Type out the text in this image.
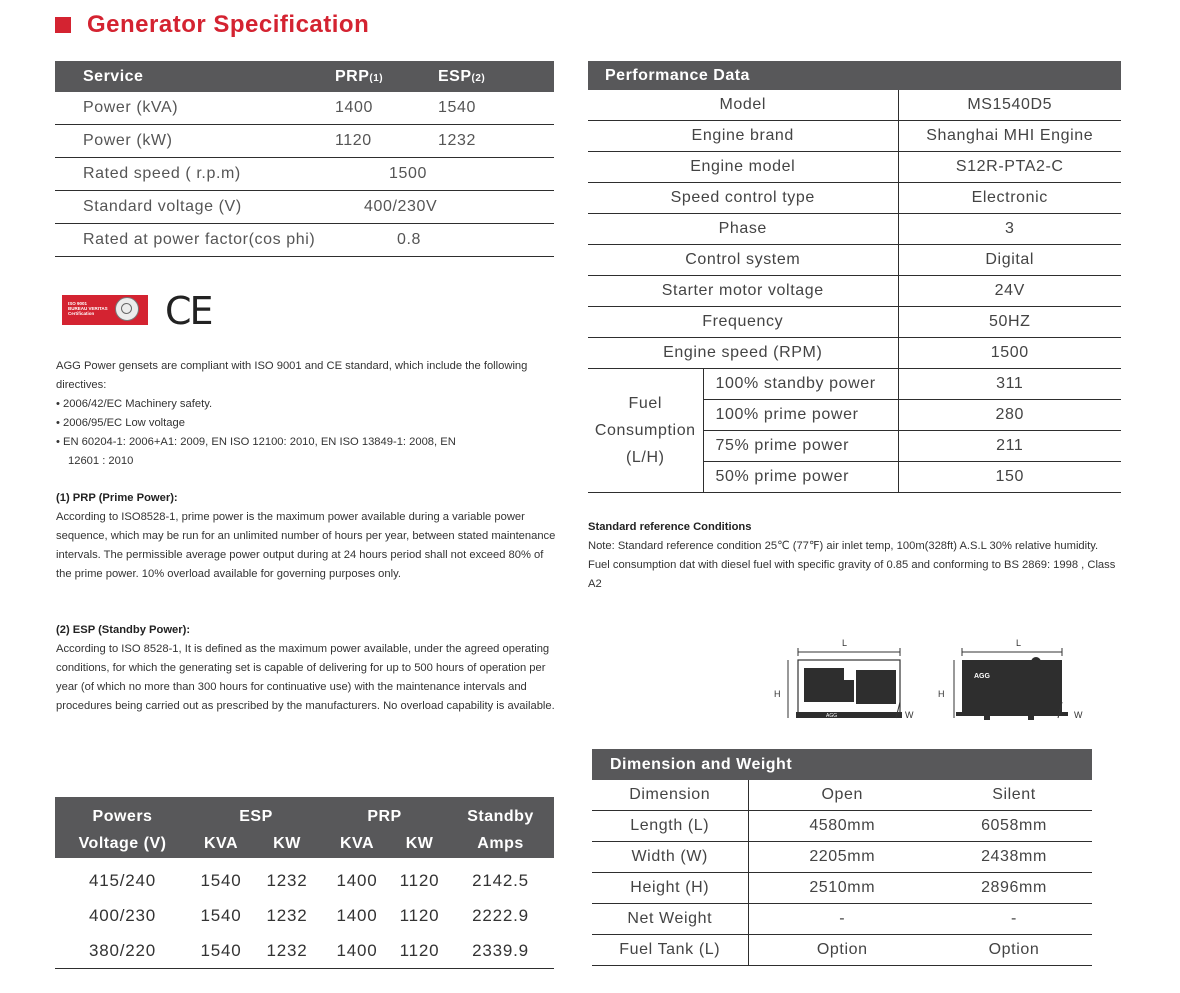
Generator Specification
Service	PRP(1)	ESP(2)
Power (kVA)	1400	1540
Power (kW)	1120	1232
Rated speed ( r.p.m)	1500	
Standard voltage (V)	400/230V	
Rated at power factor(cos phi)	0.8	
ISO 9001
BUREAU VERITAS
Certification	CE

AGG Power gensets are compliant with ISO 9001 and CE standard, which include the following directives:

• 2006/42/EC Machinery safety.

• 2006/95/EC Low voltage

• EN 60204-1: 2006+A1: 2009, EN ISO 12100: 2010, EN ISO 13849-1: 2008, EN

12601 : 2010

(1) PRP (Prime Power):

According to ISO8528-1, prime power is the maximum power available during a variable power sequence, which may be run for an unlimited number of hours per year, between stated maintenance intervals. The permissible average power output during at 24 hours period shall not exceed 80% of the prime power. 10% overload available for governing purposes only.

(2) ESP (Standby Power):

According to ISO 8528-1, It is defined as the maximum power available, under the agreed operating conditions, for which the generating set is capable of delivering for up to 500 hours of operation per year (of which no more than 300 hours for continuative use) with the maintenance intervals and procedures being carried out as prescribed by the manufacturers. No overload capability is available.

Powers	ESP		PRP		Standby
Voltage (V)	KVA	KW	KVA	KW	Amps

415/240	1540	1232	1400	1120	2142.5
400/230	1540	1232	1400	1120	2222.9
380/220	1540	1232	1400	1120	2339.9
Performance Data		
Model		MS1540D5
Engine brand		Shanghai MHI Engine
Engine model		S12R-PTA2-C
Speed control type		Electronic
Phase		3
Control system		Digital
Starter motor voltage		24V
Frequency		50HZ
Engine speed (RPM)		1500

Fuel
Consumption
(L/H)	100% standby power	311
	100% prime power	280
	75% prime power	211
	50% prime power	150

Standard reference Conditions

Note: Standard reference condition 25℃ (77℉) air inlet temp, 100m(328ft) A.S.L 30% relative humidity. Fuel consumption dat with diesel fuel with specific gravity of 0.85 and conforming to BS 2869: 1998 , Class A2

L
H
AGG	W
L
H
AGG
W
Dimension and Weight		
Dimension	Open	Silent
Length (L)	4580mm	6058mm
Width (W)	2205mm	2438mm
Height (H)	2510mm	2896mm
Net Weight	-	-
Fuel Tank (L)	Option	Option
